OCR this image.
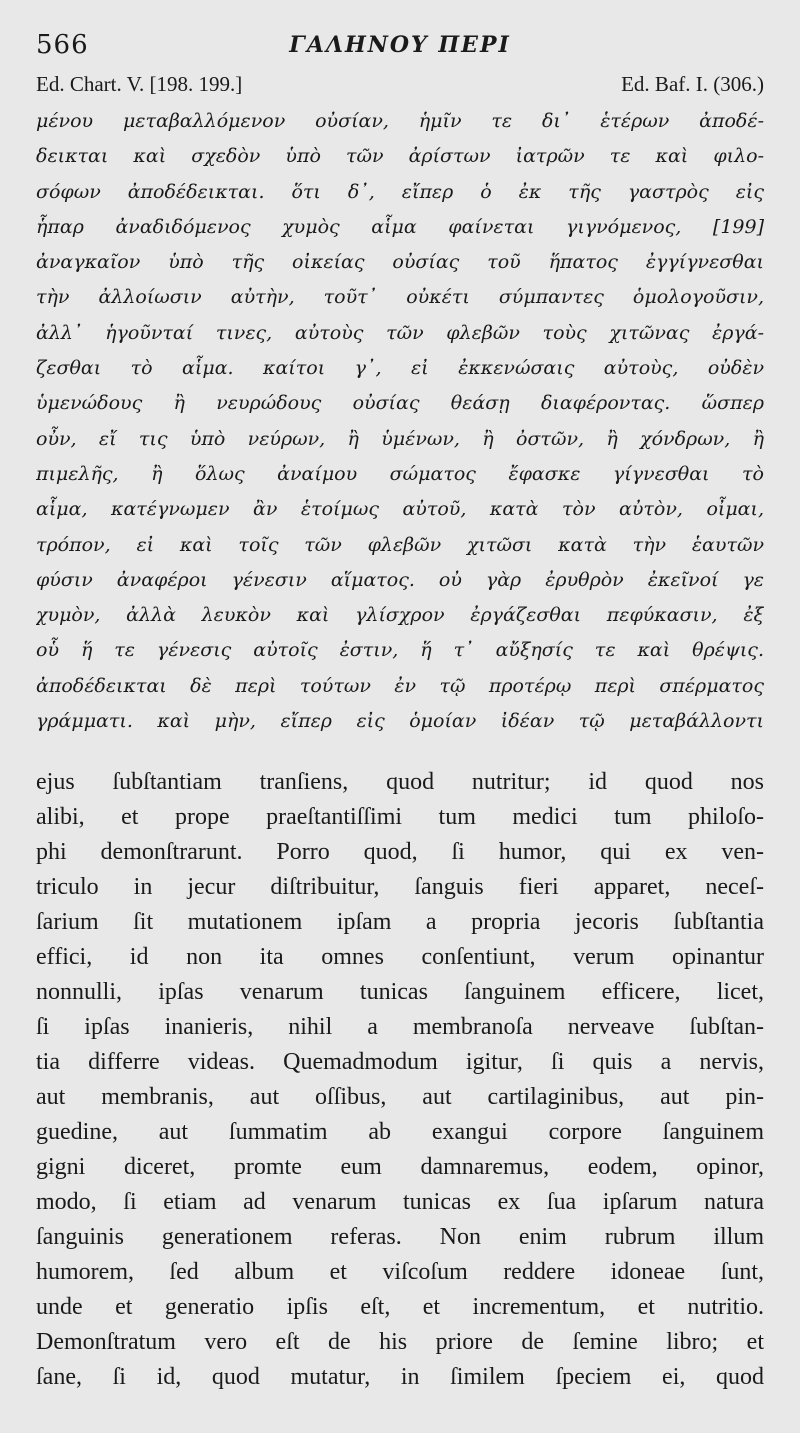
566	ΓΑΛΗΝΟΥ ΠΕΡΙ
Ed. Chart. V. [198. 199.]	Ed. Baf. I. (306.)
μένου μεταβαλλόμενον οὐσίαν, ἡμῖν τε δι᾽ ἑτέρων ἀποδέ-
δεικται καὶ σχεδὸν ὑπὸ τῶν ἀρίστων ἰατρῶν τε καὶ φιλο-
σόφων ἀποδέδεικται. ὅτι δ᾽, εἴπερ ὁ ἐκ τῆς γαστρὸς εἰς
ἧπαρ ἀναδιδόμενος χυμὸς αἷμα φαίνεται γιγνόμενος, [199]
ἀναγκαῖον ὑπὸ τῆς οἰκείας οὐσίας τοῦ ἥπατος ἐγγίγνεσθαι
τὴν ἀλλοίωσιν αὐτὴν, τοῦτ᾽ οὐκέτι σύμπαντες ὁμολογοῦσιν,
ἀλλ᾽ ἡγοῦνταί τινες, αὐτοὺς τῶν φλεβῶν τοὺς χιτῶνας ἐργά-
ζεσθαι τὸ αἷμα. καίτοι γ᾽, εἰ ἐκκενώσαις αὐτοὺς, οὐδὲν
ὑμενώδους ἢ νευρώδους οὐσίας θεάσῃ διαφέροντας. ὥσπερ
οὖν, εἴ τις ὑπὸ νεύρων, ἢ ὑμένων, ἢ ὀστῶν, ἢ χόνδρων, ἢ
πιμελῆς, ἢ ὅλως ἀναίμου σώματος ἔφασκε γίγνεσθαι τὸ
αἷμα, κατέγνωμεν ἂν ἑτοίμως αὐτοῦ, κατὰ τὸν αὐτὸν, οἶμαι,
τρόπον, εἰ καὶ τοῖς τῶν φλεβῶν χιτῶσι κατὰ τὴν ἑαυτῶν
φύσιν ἀναφέροι γένεσιν αἵματος. οὐ γὰρ ἐρυθρὸν ἐκεῖνοί γε
χυμὸν, ἀλλὰ λευκὸν καὶ γλίσχρον ἐργάζεσθαι πεφύκασιν, ἐξ
οὗ ἥ τε γένεσις αὐτοῖς ἐστιν, ἥ τ᾽ αὔξησίς τε καὶ θρέψις.
ἀποδέδεικται δὲ περὶ τούτων ἐν τῷ προτέρῳ περὶ σπέρματος
γράμματι. καὶ μὴν, εἴπερ εἰς ὁμοίαν ἰδέαν τῷ μεταβάλλοντι
ejus ſubſtantiam tranſiens, quod nutritur; id quod nos
alibi, et prope praeſtantiſſimi tum medici tum philoſo-
phi demonſtrarunt. Porro quod, ſi humor, qui ex ven-
triculo in jecur diſtribuitur, ſanguis fieri apparet, neceſ-
ſarium ſit mutationem ipſam a propria jecoris ſubſtantia
effici, id non ita omnes conſentiunt, verum opinantur
nonnulli, ipſas venarum tunicas ſanguinem efficere, licet,
ſi ipſas inanieris, nihil a membranoſa nerveave ſubſtan-
tia differre videas. Quemadmodum igitur, ſi quis a nervis,
aut membranis, aut oſſibus, aut cartilaginibus, aut pin-
guedine, aut ſummatim ab exangui corpore ſanguinem
gigni diceret, promte eum damnaremus, eodem, opinor,
modo, ſi etiam ad venarum tunicas ex ſua ipſarum natura
ſanguinis generationem referas. Non enim rubrum illum
humorem, ſed album et viſcoſum reddere idoneae ſunt,
unde et generatio ipſis eſt, et incrementum, et nutritio.
Demonſtratum vero eſt de his priore de ſemine libro; et
ſane, ſi id, quod mutatur, in ſimilem ſpeciem ei, quod
